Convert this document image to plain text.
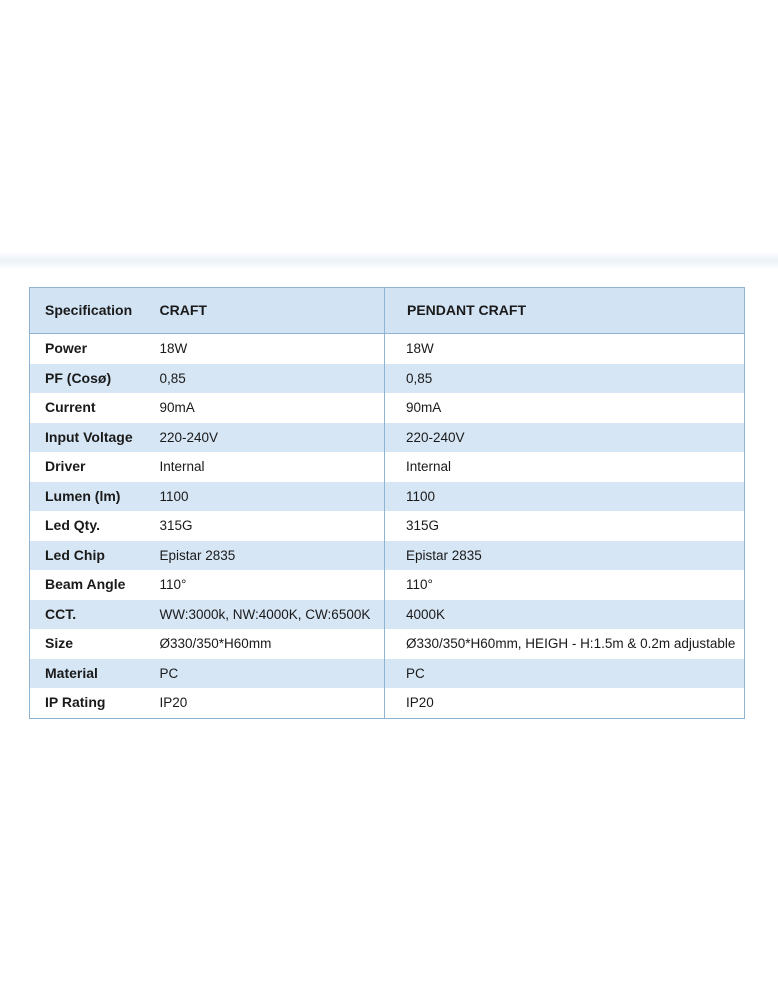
Specification	CRAFT	PENDANT CRAFT
Power	18W	18W
PF (Cosø)	0,85	0,85
Current	90mA	90mA
Input Voltage	220-240V	220-240V
Driver	Internal	Internal
Lumen (lm)	1100	1100
Led Qty.	315G	315G
Led Chip	Epistar 2835	Epistar 2835
Beam Angle	110°	110°
CCT.	WW:3000k, NW:4000K, CW:6500K	4000K
Size	Ø330/350*H60mm	Ø330/350*H60mm, HEIGH - H:1.5m & 0.2m adjustable
Material	PC	PC
IP Rating	IP20	IP20
